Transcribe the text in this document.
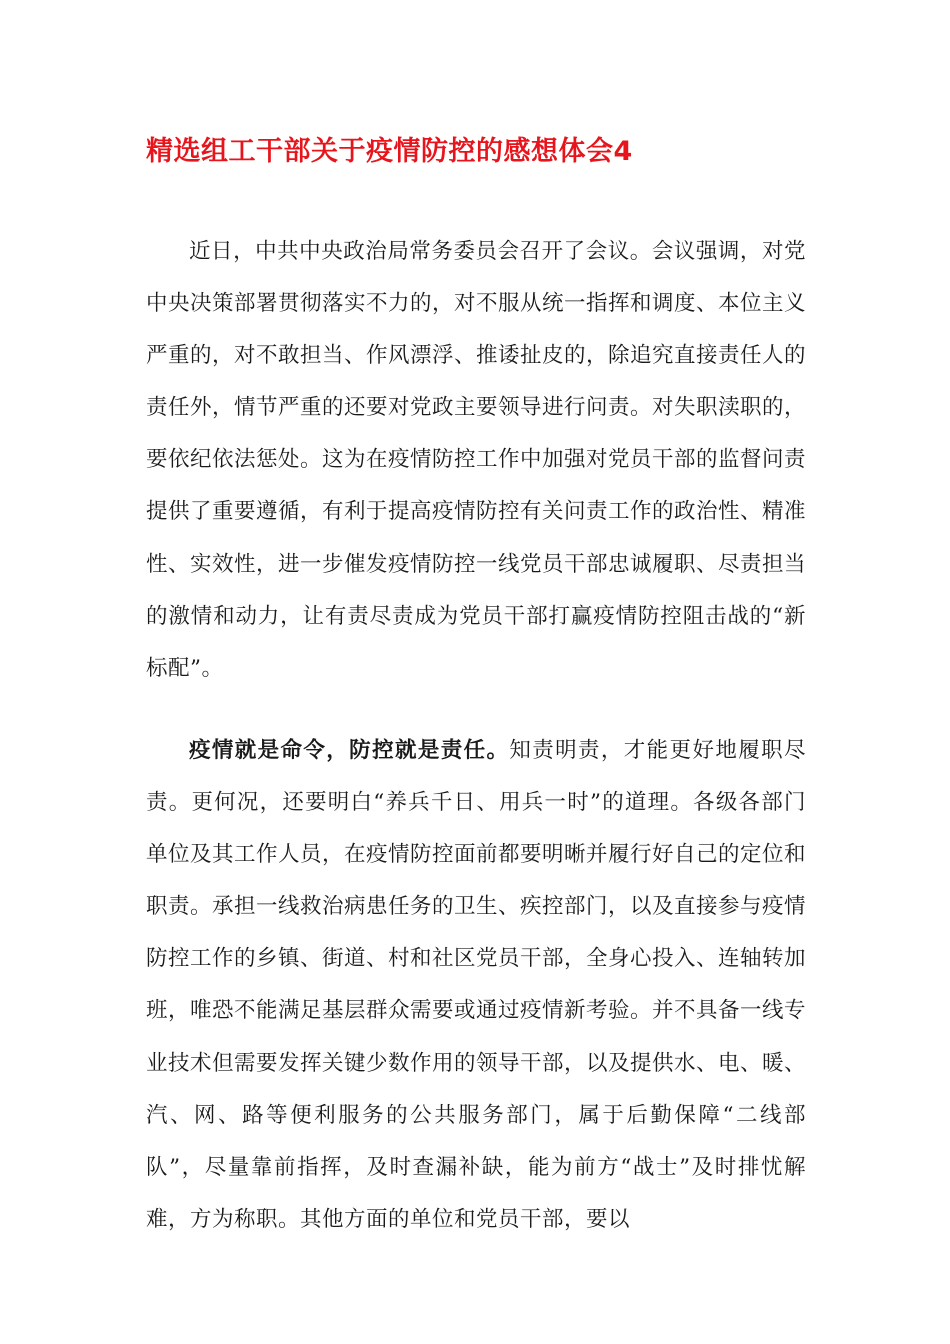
精选组工干部关于疫情防控的感想体会4

近日，中共中央政治局常务委员会召开了会议。会议强调，对党中央决策部署贯彻落实不力的，对不服从统一指挥和调度、本位主义严重的，对不敢担当、作风漂浮、推诿扯皮的，除追究直接责任人的责任外，情节严重的还要对党政主要领导进行问责。对失职渎职的，要依纪依法惩处。这为在疫情防控工作中加强对党员干部的监督问责提供了重要遵循，有利于提高疫情防控有关问责工作的政治性、精准性、实效性，进一步催发疫情防控一线党员干部忠诚履职、尽责担当的激情和动力，让有责尽责成为党员干部打赢疫情防控阻击战的“新标配”。

疫情就是命令，防控就是责任。知责明责，才能更好地履职尽责。更何况，还要明白“养兵千日、用兵一时”的道理。各级各部门单位及其工作人员，在疫情防控面前都要明晰并履行好自己的定位和职责。承担一线救治病患任务的卫生、疾控部门，以及直接参与疫情防控工作的乡镇、街道、村和社区党员干部，全身心投入、连轴转加班，唯恐不能满足基层群众需要或通过疫情新考验。并不具备一线专业技术但需要发挥关键少数作用的领导干部，以及提供水、电、暖、汽、网、路等便利服务的公共服务部门，属于后勤保障“二线部队”，尽量靠前指挥，及时查漏补缺，能为前方“战士”及时排忧解难，方为称职。其他方面的单位和党员干部，要以
